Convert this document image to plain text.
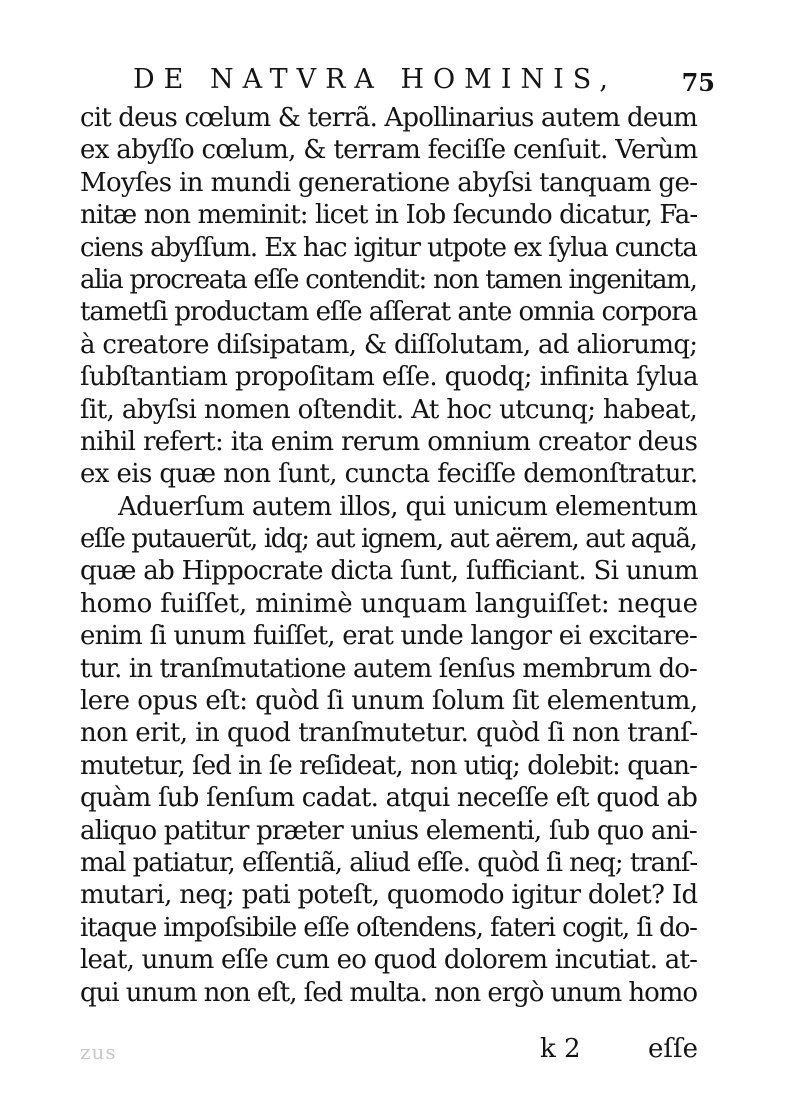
DE NATVRA HOMINIS,	75
cit deus cœlum & terrã. Apollinarius autem deum
ex abyſſo cœlum, & terram feciſſe cenſuit. Verùm
Moyſes in mundi generatione abyſsi tanquam ge-
nitæ non meminit: licet in Iob ſecundo dicatur, Fa-
ciens abyſſum. Ex hac igitur utpote ex ſylua cuncta
alia procreata eſſe contendit: non tamen ingenitam,
tametſi productam eſſe aſſerat ante omnia corpora
à creatore diſsipatam, & diſſolutam, ad aliorumq;
ſubſtantiam propoſitam eſſe. quodq; infinita ſylua
ſit, abyſsi nomen oſtendit. At hoc utcunq; habeat,
nihil refert: ita enim rerum omnium creator deus
ex eis quæ non ſunt, cuncta feciſſe demonſtratur.
Aduerſum autem illos, qui unicum elementum
eſſe putauerũt, idq; aut ignem, aut aërem, aut aquã,
quæ ab Hippocrate dicta ſunt, ſufficiant. Si unum
homo fuiſſet, minimè unquam languiſſet: neque
enim ſi unum fuiſſet, erat unde langor ei excitare-
tur. in tranſmutatione autem ſenſus membrum do-
lere opus eſt: quòd ſi unum ſolum ſit elementum,
non erit, in quod tranſmutetur. quòd ſi non tranſ-
mutetur, ſed in ſe reſideat, non utiq; dolebit: quan-
quàm ſub ſenſum cadat. atqui neceſſe eſt quod ab
aliquo patitur præter unius elementi, ſub quo ani-
mal patiatur, eſſentiã, aliud eſſe. quòd ſi neq; tranſ-
mutari, neq; pati poteſt, quomodo igitur dolet? Id
itaque impoſsibile eſſe oſtendens, fateri cogit, ſi do-
leat, unum eſſe cum eo quod dolorem incutiat. at-
qui unum non eſt, ſed multa. non ergò unum homo
zus	k 2	eſſe
